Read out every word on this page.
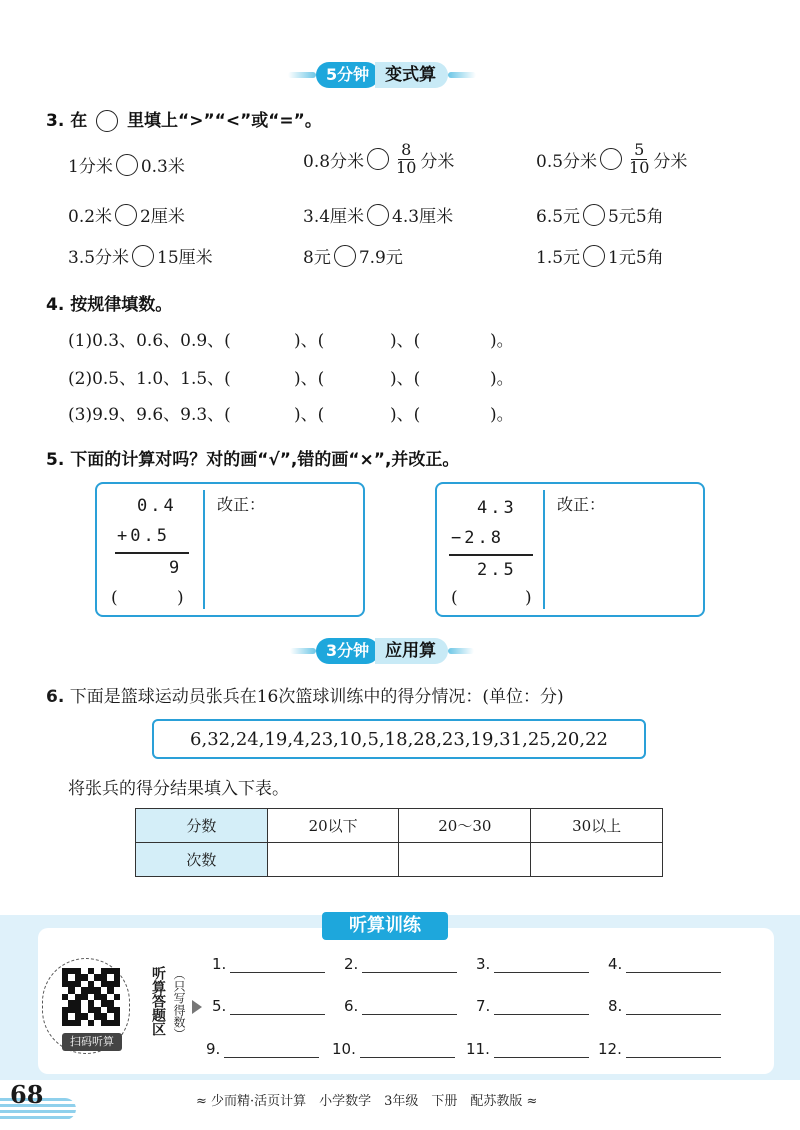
5分钟 变式算
3. 在 里填上“>”“<”或“=”。
1分米 0.3米	0.8分米 $\frac{8}{10}$ 分米	0.5分米 $\frac{5}{10}$ 分米
0.2米 2厘米	3.4厘米 4.3厘米	6.5元 5元5角
3.5分米 15厘米	8元 7.9元	1.5元 1元5角
4. 按规律填数。
(1)0.3、0.6、0.9、(	)、(	)、(	)。
(2)0.5、1.0、1.5、(	)、(	)、(	)。
(3)9.9、9.6、9.3、(	)、(	)、(	)。
5. 下面的计算对吗？对的画“√”,错的画“×”,并改正。
0.4
+0.5
9
(	)
改正：	4.3
−2.8
2.5
(	)
改正：
3分钟 应用算
6. 下面是篮球运动员张兵在16次篮球训练中的得分情况：(单位：分)
6,32,24,19,4,23,10,5,18,28,23,19,31,25,20,22
将张兵的得分结果填入下表。
分数	20以下	20～30	30以上
次数			
听算训练
扫码听算
听算答题区 （只写得数）
1.	2.	3.	4.
5.	6.	7.	8.
9.	10.	11.	12.
68	≈ 少而精·活页计算　小学数学　3年级　下册　配苏教版 ≈
